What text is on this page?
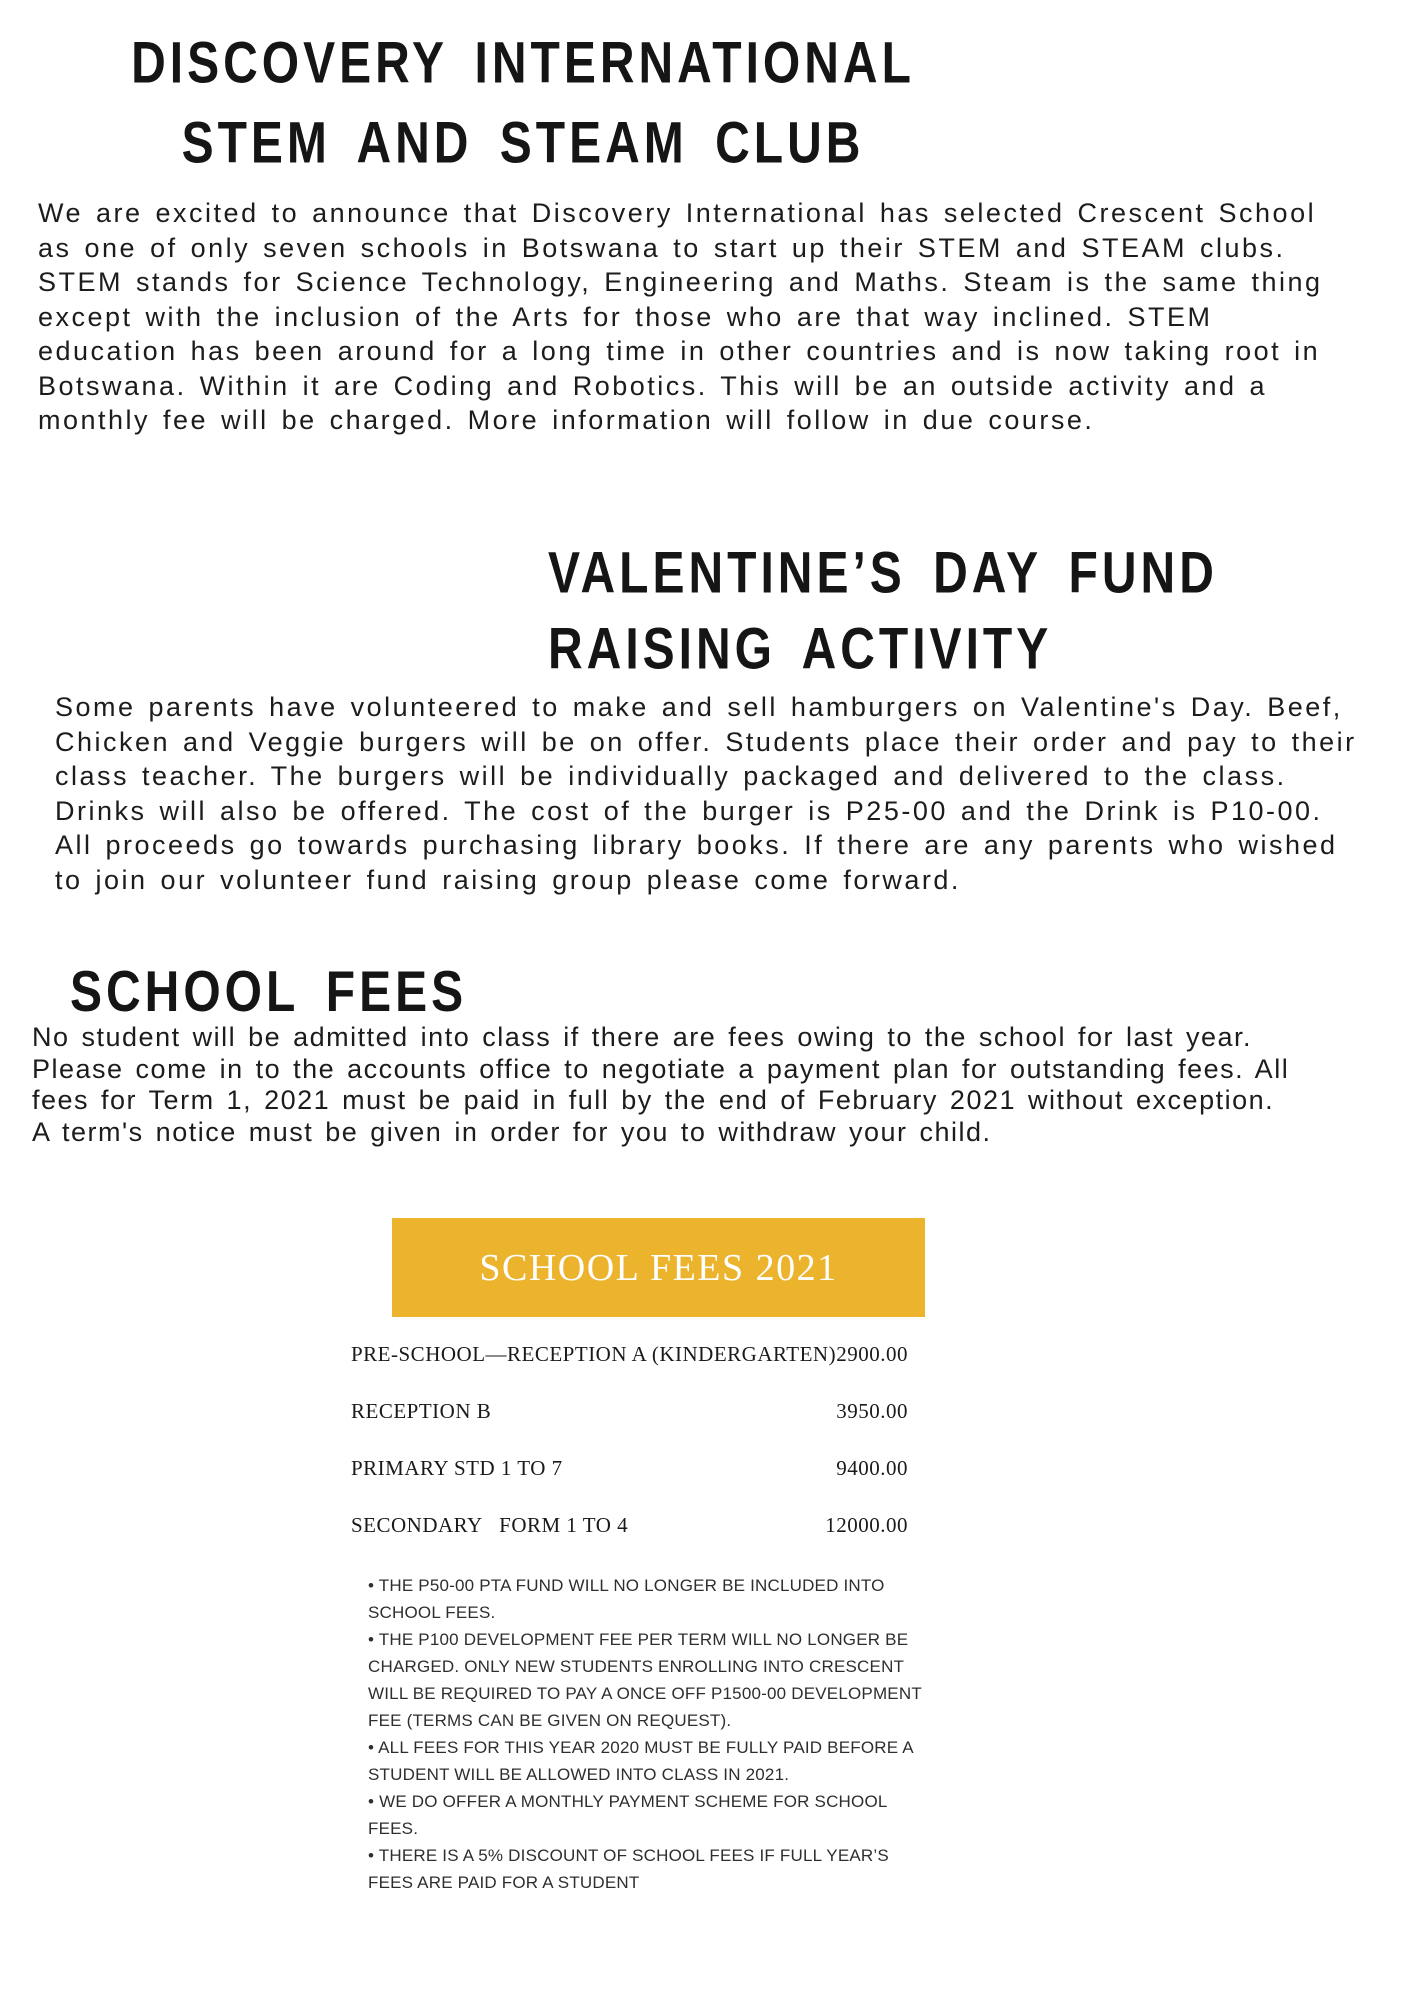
DISCOVERY INTERNATIONAL
STEM AND STEAM CLUB

We are excited to announce that Discovery International has selected Crescent School as one of only seven schools in Botswana to start up their STEM and STEAM clubs. STEM stands for Science Technology, Engineering and Maths. Steam is the same thing except with the inclusion of the Arts for those who are that way inclined. STEM education has been around for a long time in other countries and is now taking root in Botswana. Within it are Coding and Robotics. This will be an outside activity and a monthly fee will be charged. More information will follow in due course.

VALENTINE’S DAY FUND
RAISING ACTIVITY

Some parents have volunteered to make and sell hamburgers on Valentine's Day. Beef, Chicken and Veggie burgers will be on offer. Students place their order and pay to their class teacher. The burgers will be individually packaged and delivered to the class. Drinks will also be offered. The cost of the burger is P25-00 and the Drink is P10-00. All proceeds go towards purchasing library books. If there are any parents who wished to join our volunteer fund raising group please come forward.

SCHOOL FEES

No student will be admitted into class if there are fees owing to the school for last year. Please come in to the accounts office to negotiate a payment plan for outstanding fees. All fees for Term 1, 2021 must be paid in full by the end of February 2021 without exception. A term's notice must be given in order for you to withdraw your child.

SCHOOL FEES 2021
PRE-SCHOOL—RECEPTION A (KINDERGARTEN) 2900.00
RECEPTION B	3950.00
PRIMARY STD 1 TO 7	9400.00
SECONDARY   FORM 1 TO 4	12000.00

• THE P50-00 PTA FUND WILL NO LONGER BE INCLUDED INTO SCHOOL FEES.

• THE P100 DEVELOPMENT FEE PER TERM WILL NO LONGER BE CHARGED. ONLY NEW STUDENTS ENROLLING INTO CRESCENT WILL BE REQUIRED TO PAY A ONCE OFF P1500-00 DEVELOPMENT FEE (TERMS CAN BE GIVEN ON REQUEST).

• ALL FEES FOR THIS YEAR 2020 MUST BE FULLY PAID BEFORE A STUDENT WILL BE ALLOWED INTO CLASS IN 2021.

• WE DO OFFER A MONTHLY PAYMENT SCHEME FOR SCHOOL FEES.

• THERE IS A 5% DISCOUNT OF SCHOOL FEES IF FULL YEAR’S FEES ARE PAID FOR A STUDENT
